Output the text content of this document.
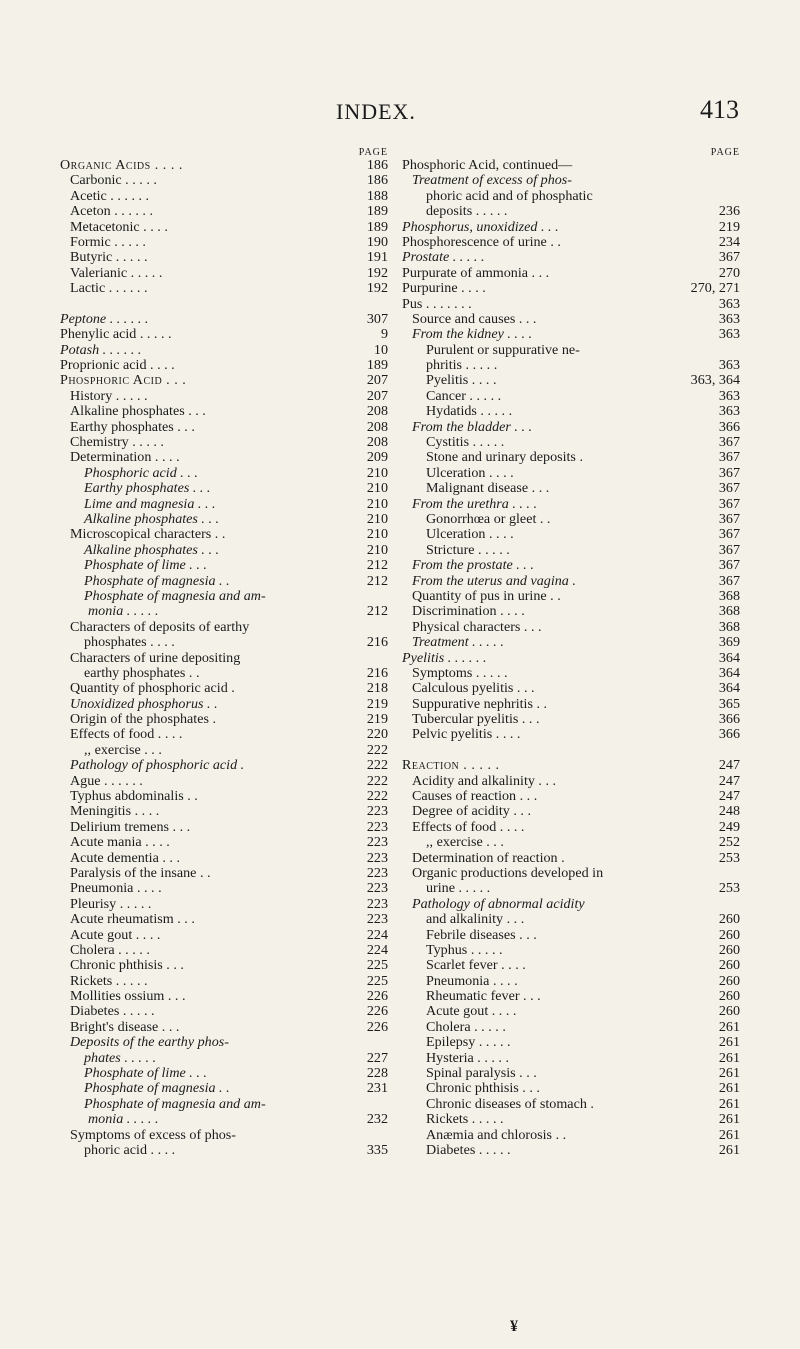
INDEX.	413
PAGE
Organic Acids . . . .	186
Carbonic . . . . .	186
Acetic . . . . . .	188
Aceton . . . . . .	189
Metacetonic . . . .	189
Formic . . . . .	190
Butyric . . . . .	191
Valerianic . . . . .	192
Lactic . . . . . .	192
Peptone . . . . . .	307
Phenylic acid . . . . .	9
Potash . . . . . .	10
Proprionic acid . . . .	189
Phosphoric Acid . . .	207
History . . . . .	207
Alkaline phosphates . . .	208
Earthy phosphates . . .	208
Chemistry . . . . .	208
Determination . . . .	209
Phosphoric acid . . .	210
Earthy phosphates . . .	210
Lime and magnesia . . .	210
Alkaline phosphates . . .	210
Microscopical characters . .	210
Alkaline phosphates . . .	210
Phosphate of lime . . .	212
Phosphate of magnesia . .	212
Phosphate of magnesia and am-
monia . . . . .	212
Characters of deposits of earthy
phosphates . . . .	216
Characters of urine depositing
earthy phosphates . .	216
Quantity of phosphoric acid .	218
Unoxidized phosphorus . .	219
Origin of the phosphates .	219
Effects of food . . . .	220
,, exercise . . .	222
Pathology of phosphoric acid .	222
Ague . . . . . .	222
Typhus abdominalis . .	222
Meningitis . . . .	223
Delirium tremens . . .	223
Acute mania . . . .	223
Acute dementia . . .	223
Paralysis of the insane . .	223
Pneumonia . . . .	223
Pleurisy . . . . .	223
Acute rheumatism . . .	223
Acute gout . . . .	224
Cholera . . . . .	224
Chronic phthisis . . .	225
Rickets . . . . .	225
Mollities ossium . . .	226
Diabetes . . . . .	226
Bright's disease . . .	226
Deposits of the earthy phos-
phates . . . . .	227
Phosphate of lime . . .	228
Phosphate of magnesia . .	231
Phosphate of magnesia and am-
monia . . . . .	232
Symptoms of excess of phos-
phoric acid . . . .	335
PAGE
Phosphoric Acid, continued—
Treatment of excess of phos-
phoric acid and of phosphatic
deposits . . . . .	236
Phosphorus, unoxidized . . .	219
Phosphorescence of urine . .	234
Prostate . . . . .	367
Purpurate of ammonia . . .	270
Purpurine . . . .	270, 271
Pus . . . . . . .	363
Source and causes . . .	363
From the kidney . . . .	363
Purulent or suppurative ne-
phritis . . . . .	363
Pyelitis . . . .	363, 364
Cancer . . . . .	363
Hydatids . . . . .	363
From the bladder . . .	366
Cystitis . . . . .	367
Stone and urinary deposits .	367
Ulceration . . . .	367
Malignant disease . . .	367
From the urethra . . . .	367
Gonorrhœa or gleet . .	367
Ulceration . . . .	367
Stricture . . . . .	367
From the prostate . . .	367
From the uterus and vagina .	367
Quantity of pus in urine . .	368
Discrimination . . . .	368
Physical characters . . .	368
Treatment . . . . .	369
Pyelitis . . . . . .	364
Symptoms . . . . .	364
Calculous pyelitis . . .	364
Suppurative nephritis . .	365
Tubercular pyelitis . . .	366
Pelvic pyelitis . . . .	366
Reaction . . . . .	247
Acidity and alkalinity . . .	247
Causes of reaction . . .	247
Degree of acidity . . .	248
Effects of food . . . .	249
,, exercise . . .	252
Determination of reaction .	253
Organic productions developed in
urine . . . . .	253
Pathology of abnormal acidity
and alkalinity . . .	260
Febrile diseases . . .	260
Typhus . . . . .	260
Scarlet fever . . . .	260
Pneumonia . . . .	260
Rheumatic fever . . .	260
Acute gout . . . .	260
Cholera . . . . .	261
Epilepsy . . . . .	261
Hysteria . . . . .	261
Spinal paralysis . . .	261
Chronic phthisis . . .	261
Chronic diseases of stomach .	261
Rickets . . . . .	261
Anæmia and chlorosis . .	261
Diabetes . . . . .	261
¥
